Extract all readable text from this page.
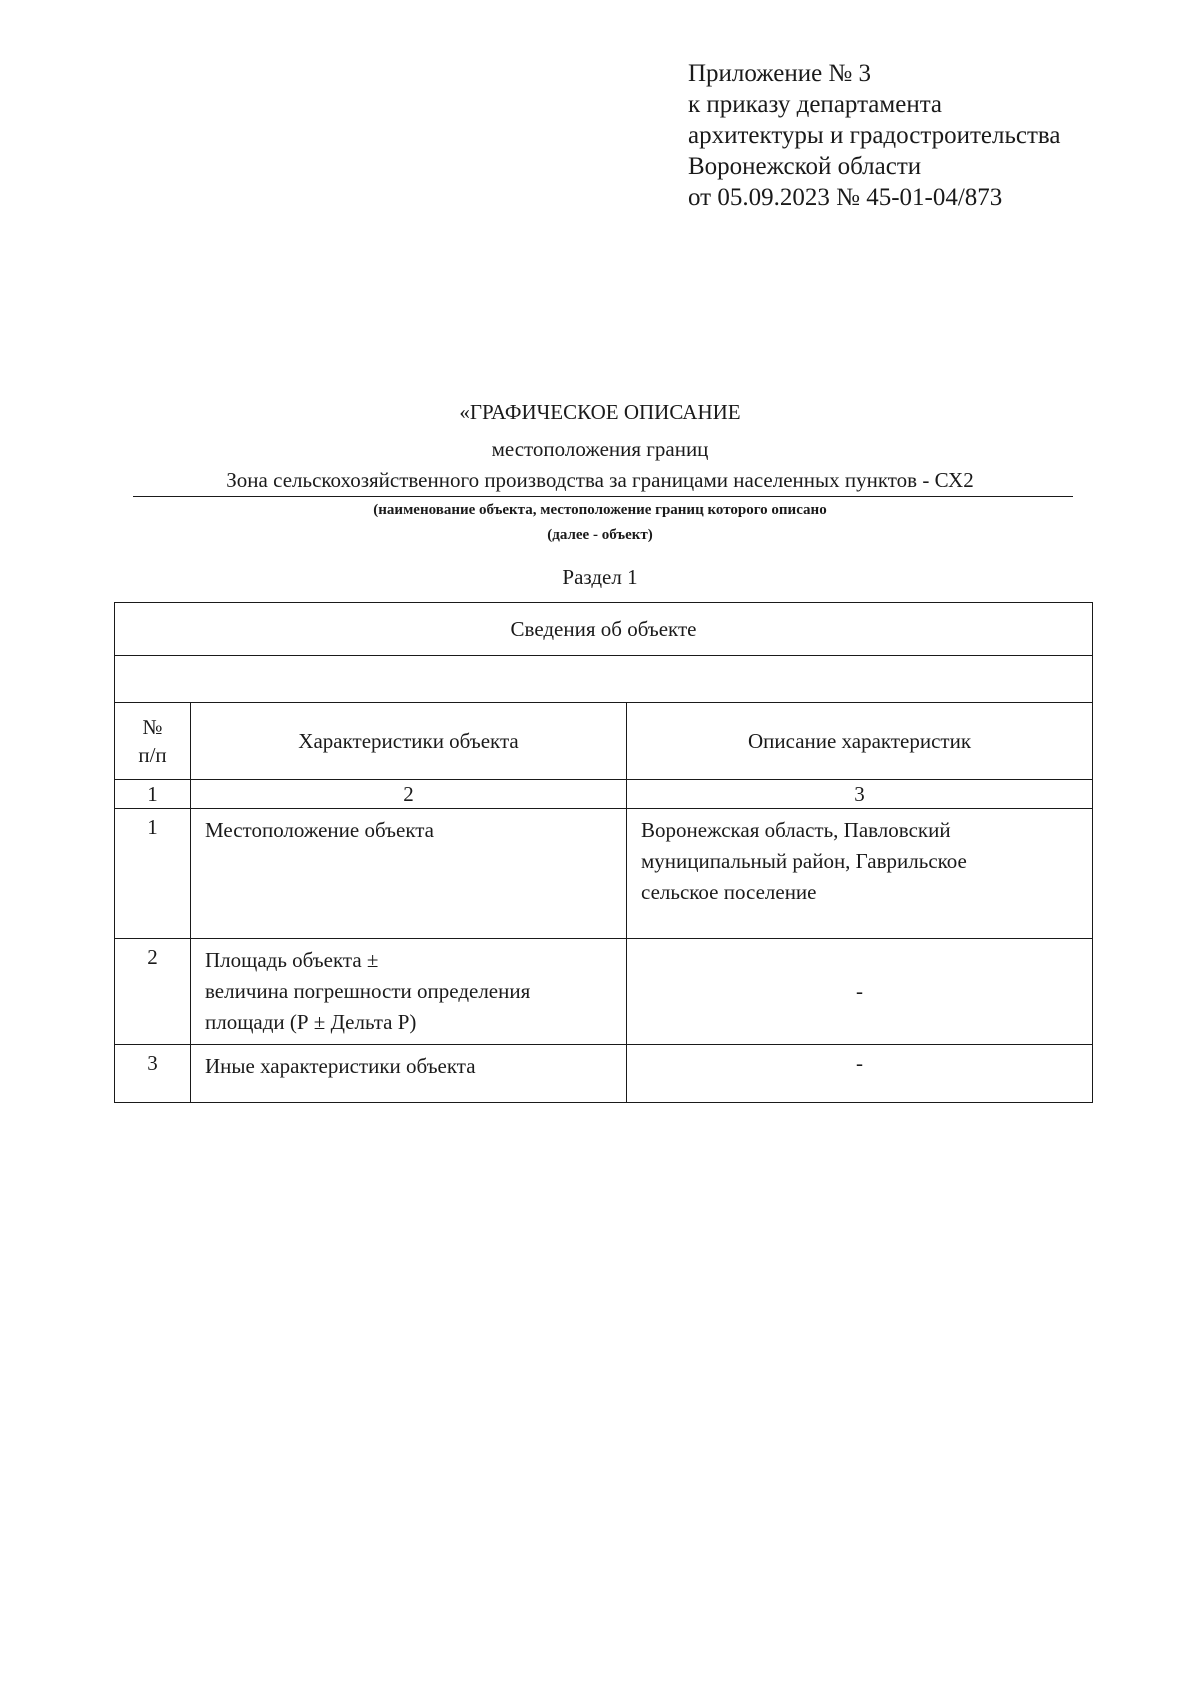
Приложение № 3
к приказу департамента
архитектуры и градостроительства
Воронежской области
от 05.09.2023 № 45-01-04/873
«ГРАФИЧЕСКОЕ ОПИСАНИЕ
местоположения границ
Зона сельскохозяйственного производства за границами населенных пунктов - СХ2
(наименование объекта, местоположение границ которого описано
(далее - объект)
Раздел 1
Сведения об объекте		

№
п/п	Характеристики объекта	Описание характеристик
1	2	3
1	Местоположение объекта	Воронежская область, Павловский
муниципальный район, Гаврильское
сельское поселение

2	Площадь объекта ±
величина погрешности определения
площади (Р ± Дельта Р)	-
3	Иные характеристики объекта	-
